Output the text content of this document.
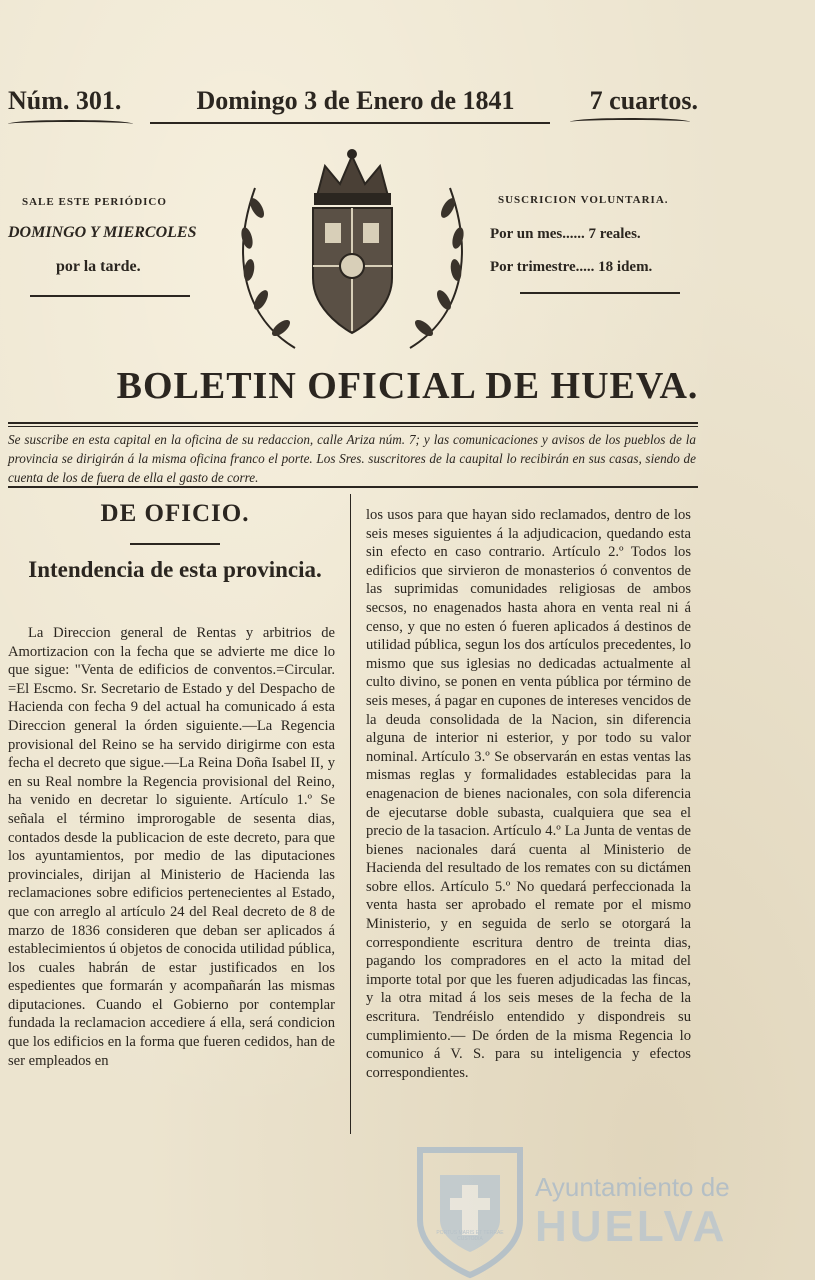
Núm. 301.	Domingo 3 de Enero de 1841	7 cuartos.
SALE ESTE PERIÓDICO
DOMINGO Y MIERCOLES
por la tarde.
SUSCRICION VOLUNTARIA.
Por un mes...... 7 reales.
Por trimestre..... 18 idem.
BOLETIN OFICIAL DE HUEVA.
Se suscribe en esta capital en la oficina de su redaccion, calle Ariza núm. 7; y las comunicaciones y avisos de los pueblos de la provincia se dirigirán á la misma oficina franco el porte. Los Sres. suscritores de la caupital lo recibirán en sus casas, siendo de cuenta de los de fuera de ella el gasto de corre.
DE OFICIO.
Intendencia de esta provincia.
La Direccion general de Rentas y arbitrios de Amortizacion con la fecha que se advierte me dice lo que sigue: "Venta de edificios de conventos.=Circular. =El Escmo. Sr. Secretario de Estado y del Despacho de Hacienda con fecha 9 del actual ha comunicado á esta Direccion general la órden siguiente.—La Regencia provisional del Reino se ha servido dirigirme con esta fecha el decreto que sigue.—La Reina Doña Isabel II, y en su Real nombre la Regencia provisional del Reino, ha venido en decretar lo siguiente. Artículo 1.º Se señala el término improrogable de sesenta dias, contados desde la publicacion de este decreto, para que los ayuntamientos, por medio de las diputaciones provinciales, dirijan al Ministerio de Hacienda las reclamaciones sobre edificios pertenecientes al Estado, que con arreglo al artículo 24 del Real decreto de 8 de marzo de 1836 consideren que deban ser aplicados á establecimientos ú objetos de conocida utilidad pública, los cuales habrán de estar justificados en los espedientes que formarán y acompañarán las mismas diputaciones. Cuando el Gobierno por contemplar fundada la reclamacion accediere á ella, será condicion que los edificios en la forma que fueren cedidos, han de ser empleados en
los usos para que hayan sido reclamados, dentro de los seis meses siguientes á la adjudicacion, quedando esta sin efecto en caso contrario. Artículo 2.º Todos los edificios que sirvieron de monasterios ó conventos de las suprimidas comunidades religiosas de ambos secsos, no enagenados hasta ahora en venta real ni á censo, y que no esten ó fueren aplicados á destinos de utilidad pública, segun los dos artículos precedentes, lo mismo que sus iglesias no dedicadas actualmente al culto divino, se ponen en venta pública por término de seis meses, á pagar en cupones de intereses vencidos de la deuda consolidada de la Nacion, sin diferencia alguna de interior ni esterior, y por todo su valor nominal. Artículo 3.º Se observarán en estas ventas las mismas reglas y formalidades establecidas para la enagenacion de bienes nacionales, con sola diferencia de ejecutarse doble subasta, cualquiera que sea el precio de la tasacion. Artículo 4.º La Junta de ventas de bienes nacionales dará cuenta al Ministerio de Hacienda del resultado de los remates con su dictámen sobre ellos. Artículo 5.º No quedará perfeccionada la venta hasta ser aprobado el remate por el mismo Ministerio, y en seguida de serlo se otorgará la correspondiente escritura dentro de treinta dias, pagando los compradores en el acto la mitad del importe total por que les fueren adjudicadas las fincas, y la otra mitad á los seis meses de la fecha de la escritura. Tendréislo entendido y dispondreis su cumplimiento.— De órden de la misma Regencia lo comunico á V. S. para su inteligencia y efectos correspondientes.
PORTUS MARIS ET TERRAE CUSTODIA
Ayuntamiento de
HUELVA
